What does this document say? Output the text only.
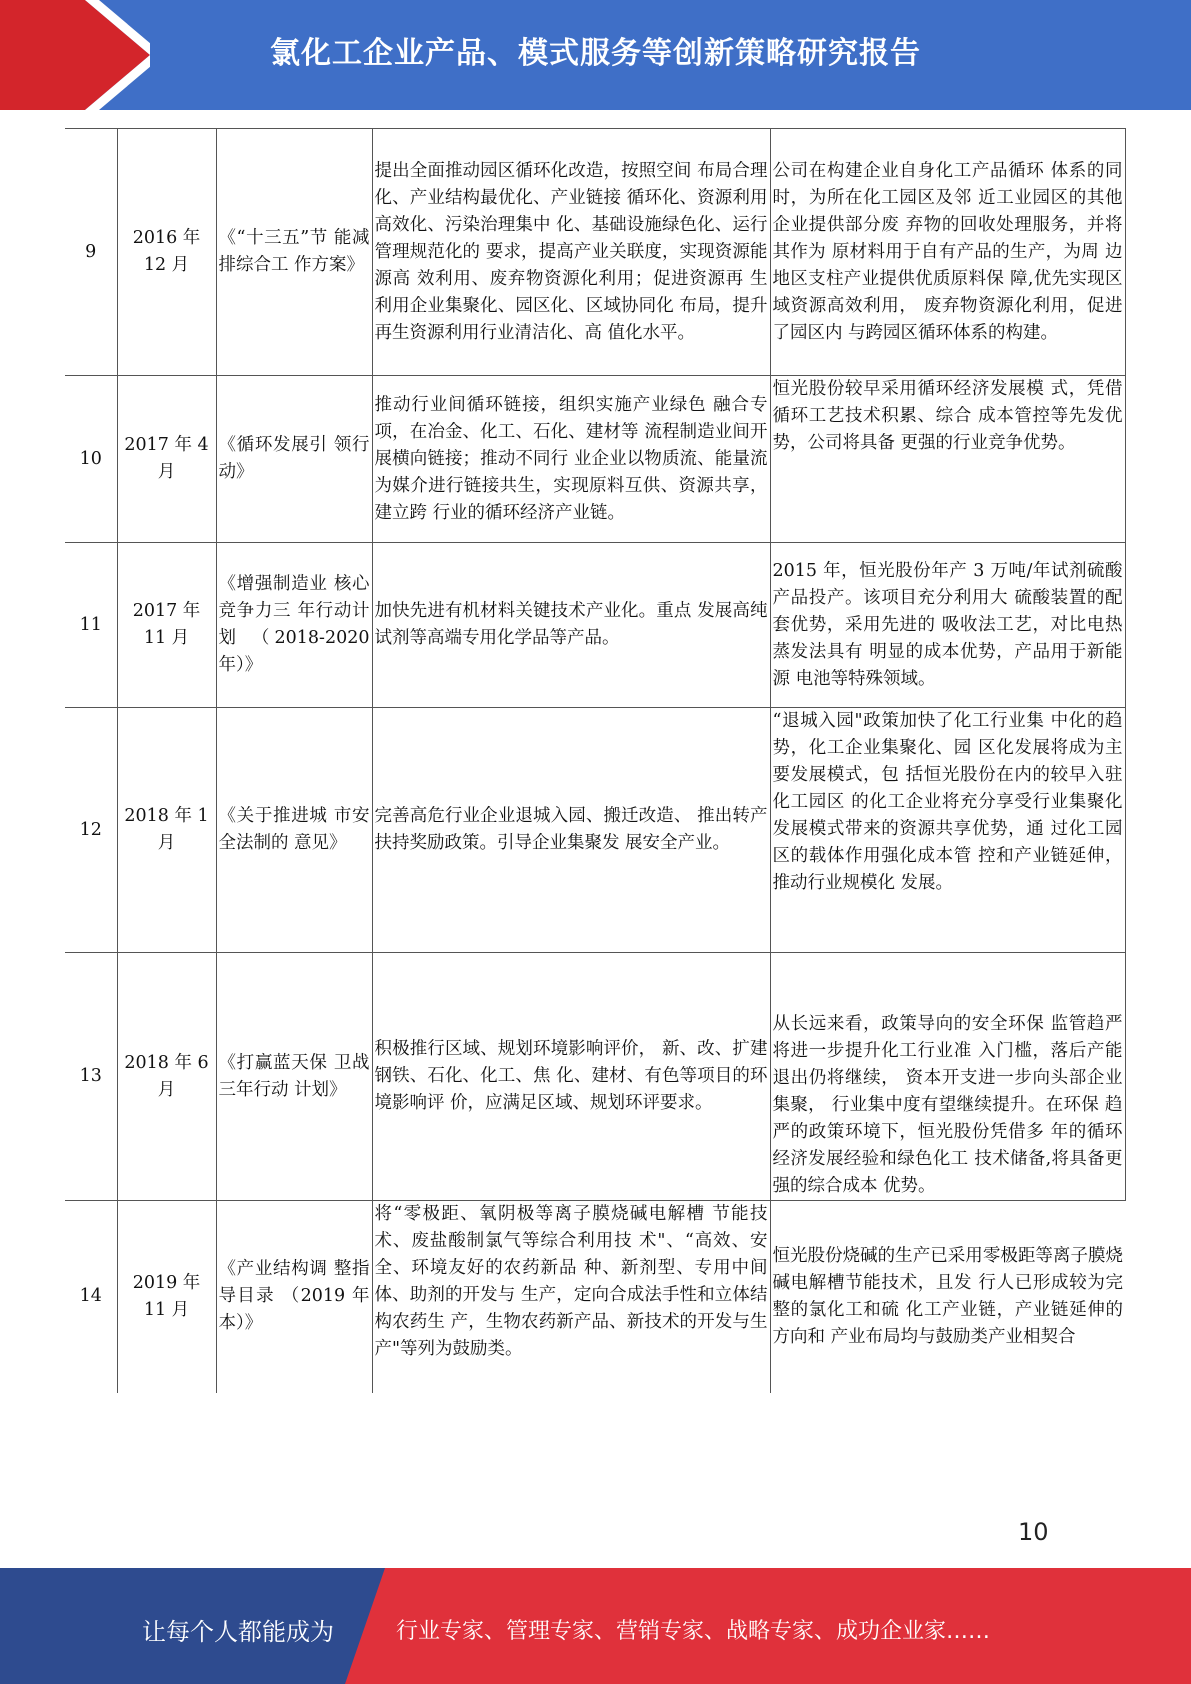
氯化工企业产品、模式服务等创新策略研究报告
9	2016 年 12 月	《“十三五”节 能减排综合工 作方案》	提出全面推动园区循环化改造，按照空间 布局合理化、产业结构最优化、产业链接 循环化、资源利用高效化、污染治理集中 化、基础设施绿色化、运行管理规范化的 要求，提高产业关联度，实现资源能源高 效利用、废弃物资源化利用；促进资源再 生利用企业集聚化、园区化、区域协同化 布局，提升再生资源利用行业清洁化、高 值化水平。	公司在构建企业自身化工产品循环 体系的同时，为所在化工园区及邻 近工业园区的其他企业提供部分废 弃物的回收处理服务，并将其作为 原材料用于自有产品的生产，为周 边地区支柱产业提供优质原料保 障,优先实现区域资源高效利用， 废弃物资源化利用，促进了园区内 与跨园区循环体系的构建。
10	2017 年 4 月	《循环发展引 领行动》	推动行业间循环链接，组织实施产业绿色 融合专项，在冶金、化工、石化、建材等 流程制造业间开展横向链接；推动不同行 业企业以物质流、能量流为媒介进行链接共生，实现原料互供、资源共享，建立跨 行业的循环经济产业链。	恒光股份较早采用循环经济发展模 式，凭借循环工艺技术积累、综合 成本管控等先发优势，公司将具备 更强的行业竞争优势。
11	2017 年 11 月	《增强制造业 核心竞争力三 年行动计划 （2018-2020 年）》	加快先进有机材料关键技术产业化。重点 发展高纯试剂等高端专用化学品等产品。	2015 年，恒光股份年产 3 万吨/年试剂硫酸产品投产。该项目充分利用大 硫酸装置的配套优势，采用先进的 吸收法工艺，对比电热蒸发法具有 明显的成本优势，产品用于新能源 电池等特殊领域。
12	2018 年 1 月	《关于推进城 市安全法制的 意见》	完善高危行业企业退城入园、搬迁改造、 推出转产扶持奖励政策。引导企业集聚发 展安全产业。	“退城入园"政策加快了化工行业集 中化的趋势，化工企业集聚化、园 区化发展将成为主要发展模式，包 括恒光股份在内的较早入驻化工园区 的化工企业将充分享受行业集聚化 发展模式带来的资源共享优势，通 过化工园区的载体作用强化成本管 控和产业链延伸，推动行业规模化 发展。
13	2018 年 6 月	《打赢蓝天保 卫战三年行动 计划》	积极推行区域、规划环境影响评价， 新、改、扩建钢铁、石化、化工、焦 化、建材、有色等项目的环境影响评 价，应满足区域、规划环评要求。	从长远来看，政策导向的安全环保 监管趋严将进一步提升化工行业准 入门槛，落后产能退出仍将继续， 资本开支进一步向头部企业集聚， 行业集中度有望继续提升。在环保 趋严的政策环境下，恒光股份凭借多 年的循环经济发展经验和绿色化工 技术储备,将具备更强的综合成本 优势。
14	2019 年 11 月	《产业结构调 整指导目录 （2019 年 本）》	将“零极距、氧阴极等离子膜烧碱电解槽 节能技术、废盐酸制氯气等综合利用技 术"、“高效、安全、环境友好的农药新品 种、新剂型、专用中间体、助剂的开发与 生产，定向合成法手性和立体结构农药生 产，生物农药新产品、新技术的开发与生 产"等列为鼓励类。	恒光股份烧碱的生产已采用零极距等离子膜烧碱电解槽节能技术，且发 行人已形成较为完整的氯化工和硫 化工产业链，产业链延伸的方向和 产业布局均与鼓励类产业相契合
10
让每个人都能成为	行业专家、管理专家、营销专家、战略专家、成功企业家……
